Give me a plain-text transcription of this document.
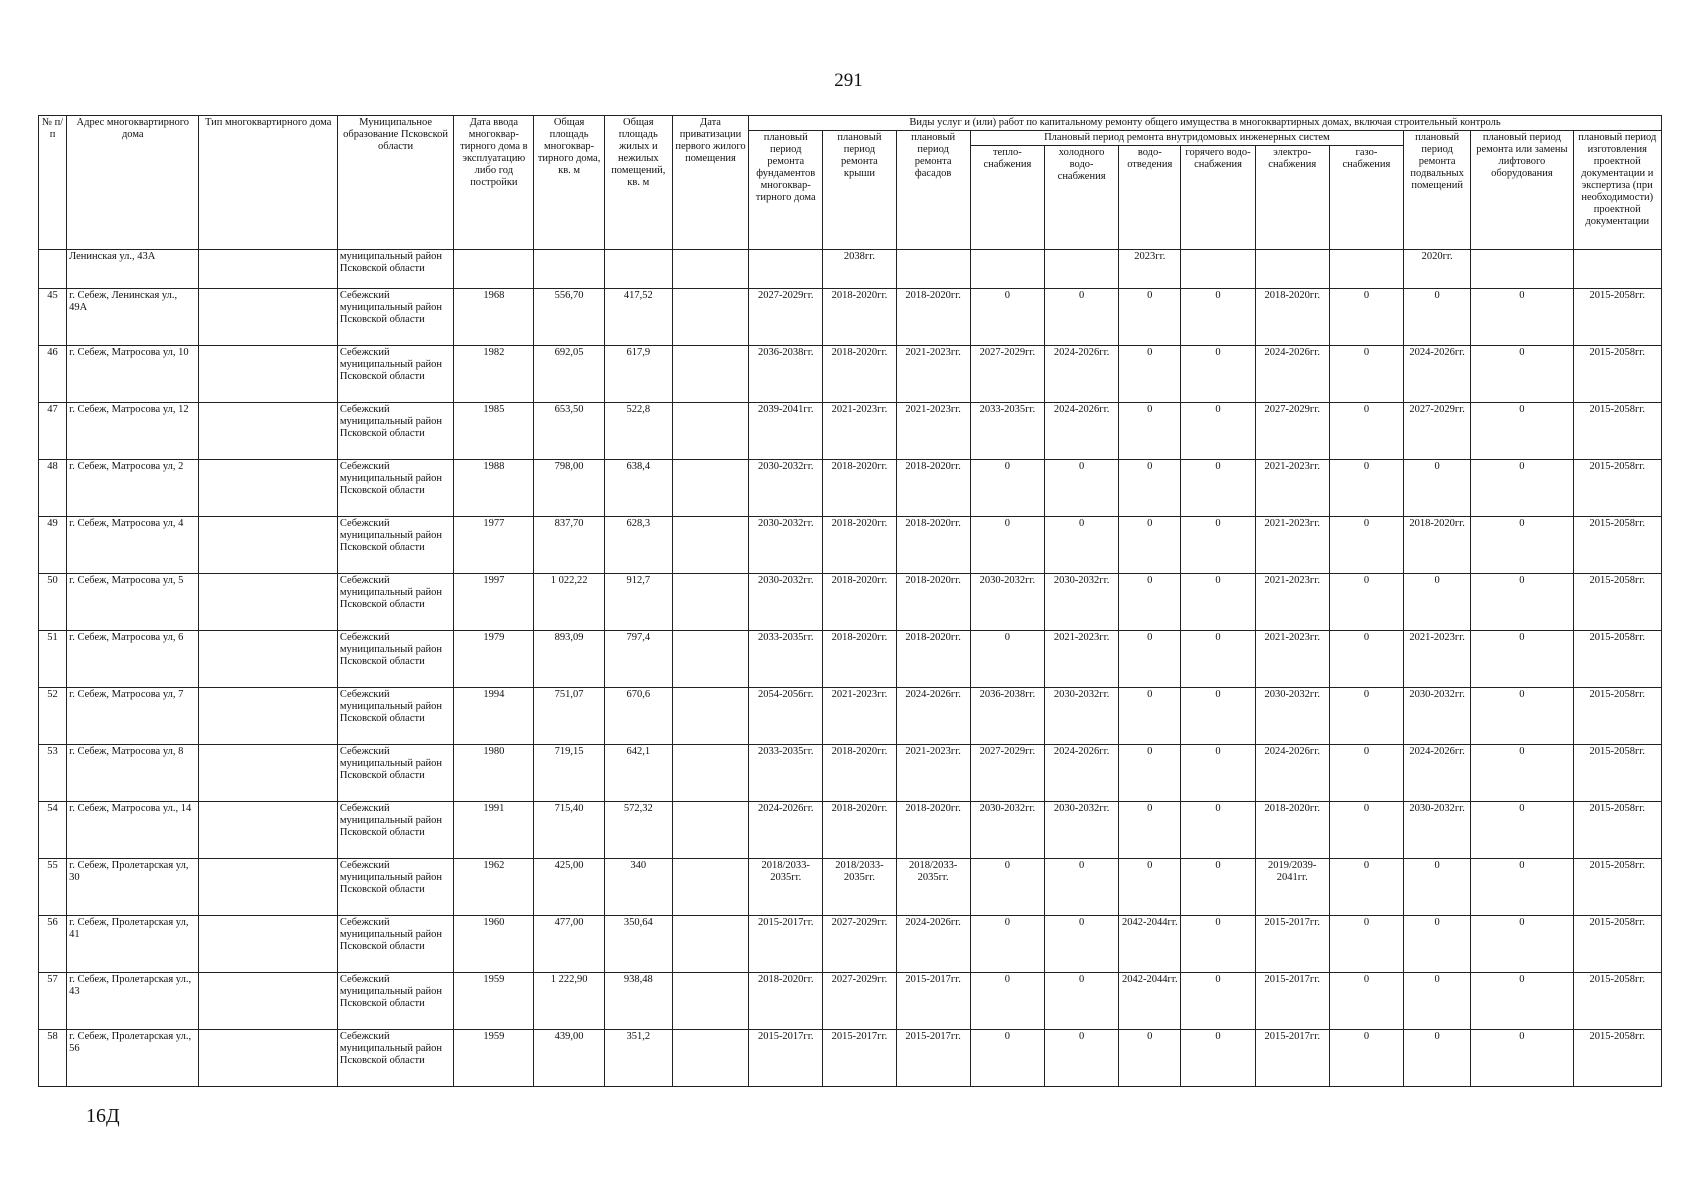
291
№ п/п	Адрес многоквартирного дома	Тип многоквартирного дома	Муниципальное образование Псковской области	Дата ввода многоквар-тирного дома в эксплуатацию либо год постройки	Общая площадь многоквар-тирного дома, кв. м	Общая площадь жилых и нежилых помещений, кв. м	Дата приватизации первого жилого помещения	Виды услуг и (или) работ по капитальному ремонту общего имущества в многоквартирных домах, включая строительный контроль											
								плановый период ремонта фундаментов многоквар-тирного дома	плановый период ремонта крыши	плановый период ремонта фасадов	Плановый период ремонта внутридомовых инженерных систем						плановый период ремонта подвальных помещений	плановый период ремонта или замены лифтового оборудования	плановый период изготовления проектной документации и экспертиза (при необходимости) проектной документации
											тепло-снабжения	холодного водо-снабжения	водо-отведения	горячего водо-снабжения	электро-снабжения	газо-снабжения			
	Ленинская ул., 43А		муниципальный район Псковской области						2038гг.				2023гг.				2020гг.		
45	г. Себеж, Ленинская ул., 49А		Себежский муниципальный район Псковской области	1968	556,70	417,52		2027-2029гг.	2018-2020гг.	2018-2020гг.	0	0	0	0	2018-2020гг.	0	0	0	2015-2058гг.
46	г. Себеж, Матросова ул, 10		Себежский муниципальный район Псковской области	1982	692,05	617,9		2036-2038гг.	2018-2020гг.	2021-2023гг.	2027-2029гг.	2024-2026гг.	0	0	2024-2026гг.	0	2024-2026гг.	0	2015-2058гг.
47	г. Себеж, Матросова ул, 12		Себежский муниципальный район Псковской области	1985	653,50	522,8		2039-2041гг.	2021-2023гг.	2021-2023гг.	2033-2035гг.	2024-2026гг.	0	0	2027-2029гг.	0	2027-2029гг.	0	2015-2058гг.
48	г. Себеж, Матросова ул, 2		Себежский муниципальный район Псковской области	1988	798,00	638,4		2030-2032гг.	2018-2020гг.	2018-2020гг.	0	0	0	0	2021-2023гг.	0	0	0	2015-2058гг.
49	г. Себеж, Матросова ул, 4		Себежский муниципальный район Псковской области	1977	837,70	628,3		2030-2032гг.	2018-2020гг.	2018-2020гг.	0	0	0	0	2021-2023гг.	0	2018-2020гг.	0	2015-2058гг.
50	г. Себеж, Матросова ул, 5		Себежский муниципальный район Псковской области	1997	1 022,22	912,7		2030-2032гг.	2018-2020гг.	2018-2020гг.	2030-2032гг.	2030-2032гг.	0	0	2021-2023гг.	0	0	0	2015-2058гг.
51	г. Себеж, Матросова ул, 6		Себежский муниципальный район Псковской области	1979	893,09	797,4		2033-2035гг.	2018-2020гг.	2018-2020гг.	0	2021-2023гг.	0	0	2021-2023гг.	0	2021-2023гг.	0	2015-2058гг.
52	г. Себеж, Матросова ул, 7		Себежский муниципальный район Псковской области	1994	751,07	670,6		2054-2056гг.	2021-2023гг.	2024-2026гг.	2036-2038гг.	2030-2032гг.	0	0	2030-2032гг.	0	2030-2032гг.	0	2015-2058гг.
53	г. Себеж, Матросова ул, 8		Себежский муниципальный район Псковской области	1980	719,15	642,1		2033-2035гг.	2018-2020гг.	2021-2023гг.	2027-2029гг.	2024-2026гг.	0	0	2024-2026гг.	0	2024-2026гг.	0	2015-2058гг.
54	г. Себеж, Матросова ул., 14		Себежский муниципальный район Псковской области	1991	715,40	572,32		2024-2026гг.	2018-2020гг.	2018-2020гг.	2030-2032гг.	2030-2032гг.	0	0	2018-2020гг.	0	2030-2032гг.	0	2015-2058гг.
55	г. Себеж, Пролетарская ул, 30		Себежский муниципальный район Псковской области	1962	425,00	340		2018/2033-2035гг.	2018/2033-2035гг.	2018/2033-2035гг.	0	0	0	0	2019/2039-2041гг.	0	0	0	2015-2058гг.
56	г. Себеж, Пролетарская ул, 41		Себежский муниципальный район Псковской области	1960	477,00	350,64		2015-2017гг.	2027-2029гг.	2024-2026гг.	0	0	2042-2044гг.	0	2015-2017гг.	0	0	0	2015-2058гг.
57	г. Себеж, Пролетарская ул., 43		Себежский муниципальный район Псковской области	1959	1 222,90	938,48		2018-2020гг.	2027-2029гг.	2015-2017гг.	0	0	2042-2044гг.	0	2015-2017гг.	0	0	0	2015-2058гг.
58	г. Себеж, Пролетарская ул., 56		Себежский муниципальный район Псковской области	1959	439,00	351,2		2015-2017гг.	2015-2017гг.	2015-2017гг.	0	0	0	0	2015-2017гг.	0	0	0	2015-2058гг.
16Д
